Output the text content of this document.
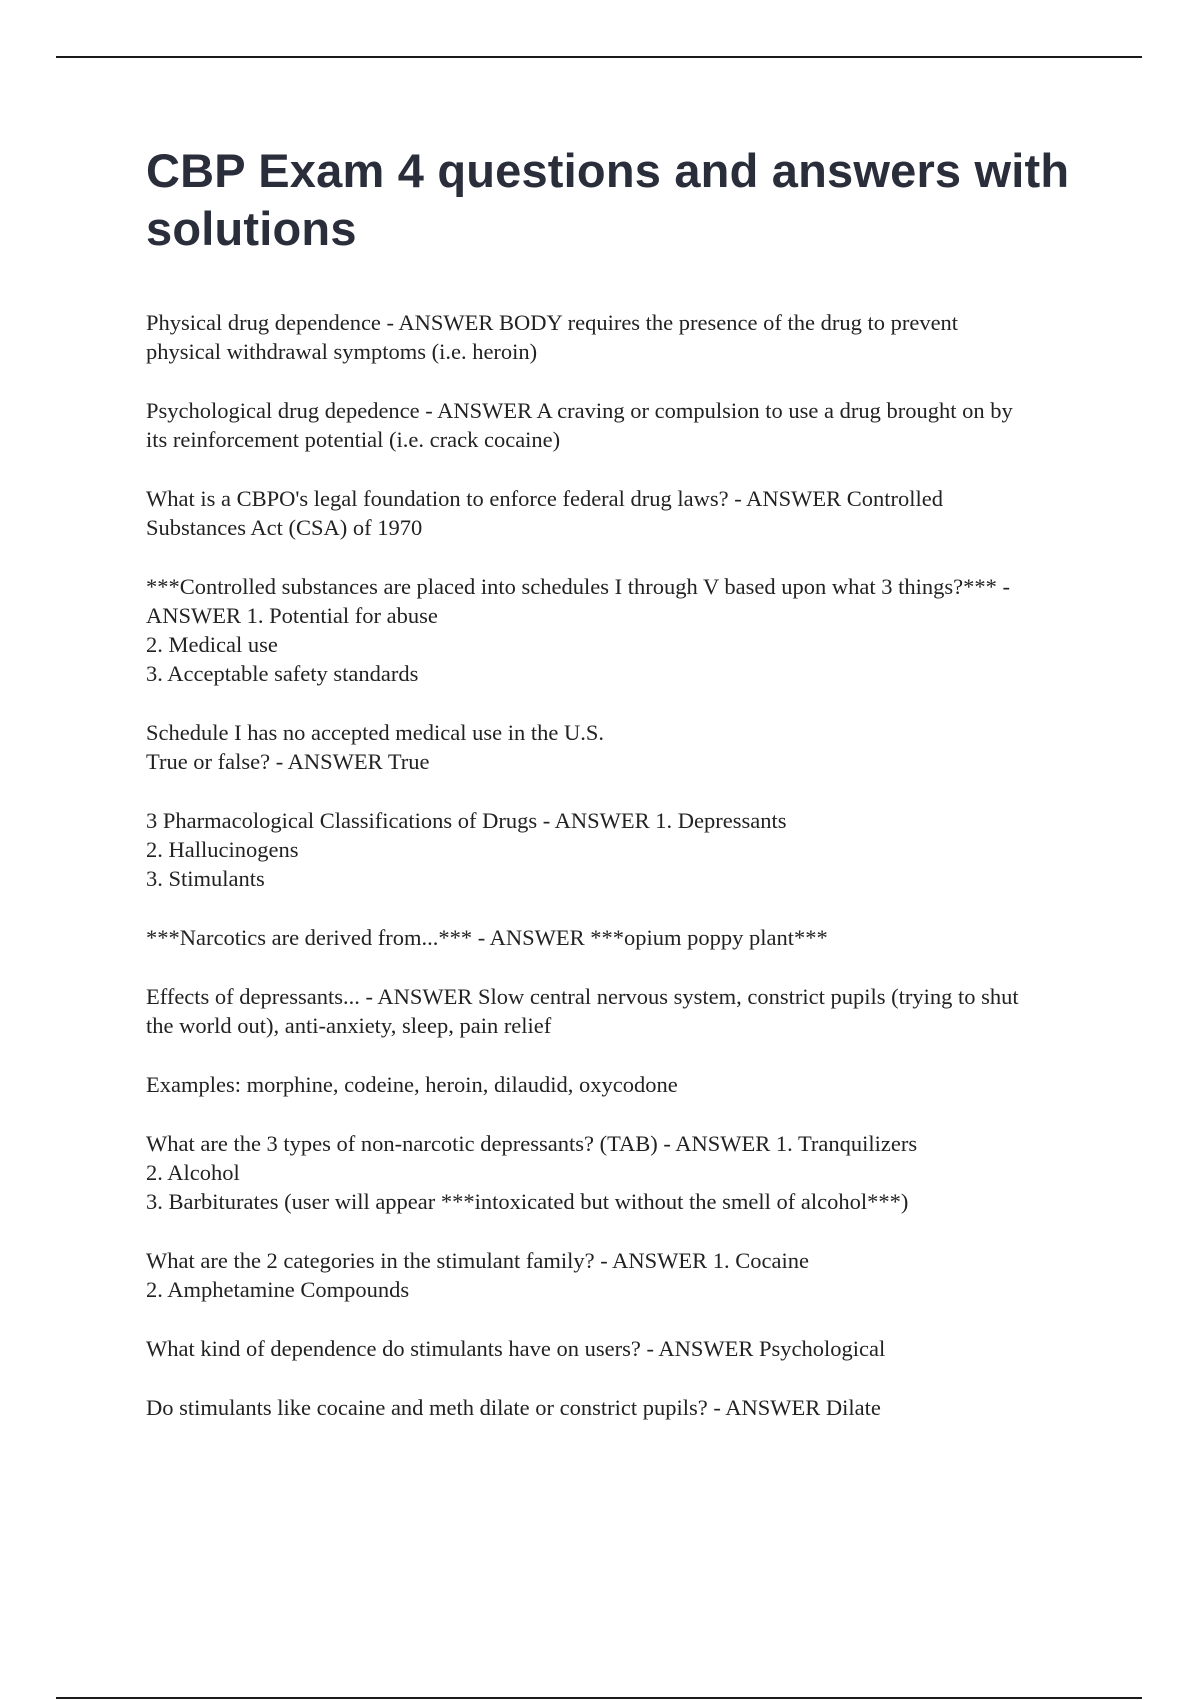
CBP Exam 4 questions and answers with solutions
Physical drug dependence - ANSWER BODY requires the presence of the drug to prevent
physical withdrawal symptoms (i.e. heroin)
Psychological drug depedence - ANSWER A craving or compulsion to use a drug brought on by
its reinforcement potential (i.e. crack cocaine)
What is a CBPO's legal foundation to enforce federal drug laws? - ANSWER Controlled
Substances Act (CSA) of 1970
***Controlled substances are placed into schedules I through V based upon what 3 things?*** -
ANSWER 1. Potential for abuse
2. Medical use
3. Acceptable safety standards
Schedule I has no accepted medical use in the U.S.
True or false? - ANSWER True
3 Pharmacological Classifications of Drugs - ANSWER 1. Depressants
2. Hallucinogens
3. Stimulants
***Narcotics are derived from...*** - ANSWER ***opium poppy plant***
Effects of depressants... - ANSWER Slow central nervous system, constrict pupils (trying to shut
the world out), anti-anxiety, sleep, pain relief
Examples: morphine, codeine, heroin, dilaudid, oxycodone
What are the 3 types of non-narcotic depressants? (TAB) - ANSWER 1. Tranquilizers
2. Alcohol
3. Barbiturates (user will appear ***intoxicated but without the smell of alcohol***)
What are the 2 categories in the stimulant family? - ANSWER 1. Cocaine
2. Amphetamine Compounds
What kind of dependence do stimulants have on users? - ANSWER Psychological
Do stimulants like cocaine and meth dilate or constrict pupils? - ANSWER Dilate
